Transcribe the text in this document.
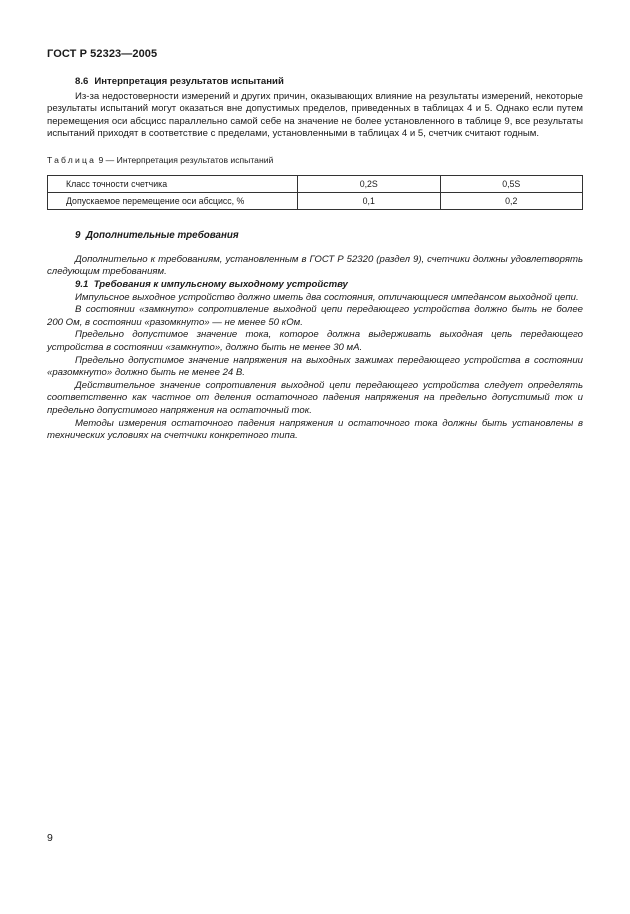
ГОСТ Р 52323—2005
8.6 Интерпретация результатов испытаний

Из-за недостоверности измерений и других причин, оказывающих влияние на результаты измерений, некоторые результаты испытаний могут оказаться вне допустимых пределов, приведенных в таблицах 4 и 5. Однако если путем перемещения оси абсцисс параллельно самой себе на значение не более установленного в таблице 9, все результаты испытаний приходят в соответствие с пределами, установленными в таблицах 4 и 5, счетчик считают годным.

Таблица 9 — Интерпретация результатов испытаний
Класс точности счетчика	0,2S	0,5S
Допускаемое перемещение оси абсцисс, %	0,1	0,2
9 Дополнительные требования

Дополнительно к требованиям, установленным в ГОСТ Р 52320 (раздел 9), счетчики должны удовлетворять следующим требованиям.

9.1 Требования к импульсному выходному устройству

Импульсное выходное устройство должно иметь два состояния, отличающиеся импедансом выходной цепи.

В состоянии «замкнуто» сопротивление выходной цепи передающего устройства должно быть не более 200 Ом, в состоянии «разомкнуто» — не менее 50 кОм.

Предельно допустимое значение тока, которое должна выдерживать выходная цепь передающего устройства в состоянии «замкнуто», должно быть не менее 30 мА.

Предельно допустимое значение напряжения на выходных зажимах передающего устройства в состоянии «разомкнуто» должно быть не менее 24 В.

Действительное значение сопротивления выходной цепи передающего устройства следует определять соответственно как частное от деления остаточного падения напряжения на предельно допустимый ток и предельно допустимого напряжения на остаточный ток.

Методы измерения остаточного падения напряжения и остаточного тока должны быть установлены в технических условиях на счетчики конкретного типа.

9
